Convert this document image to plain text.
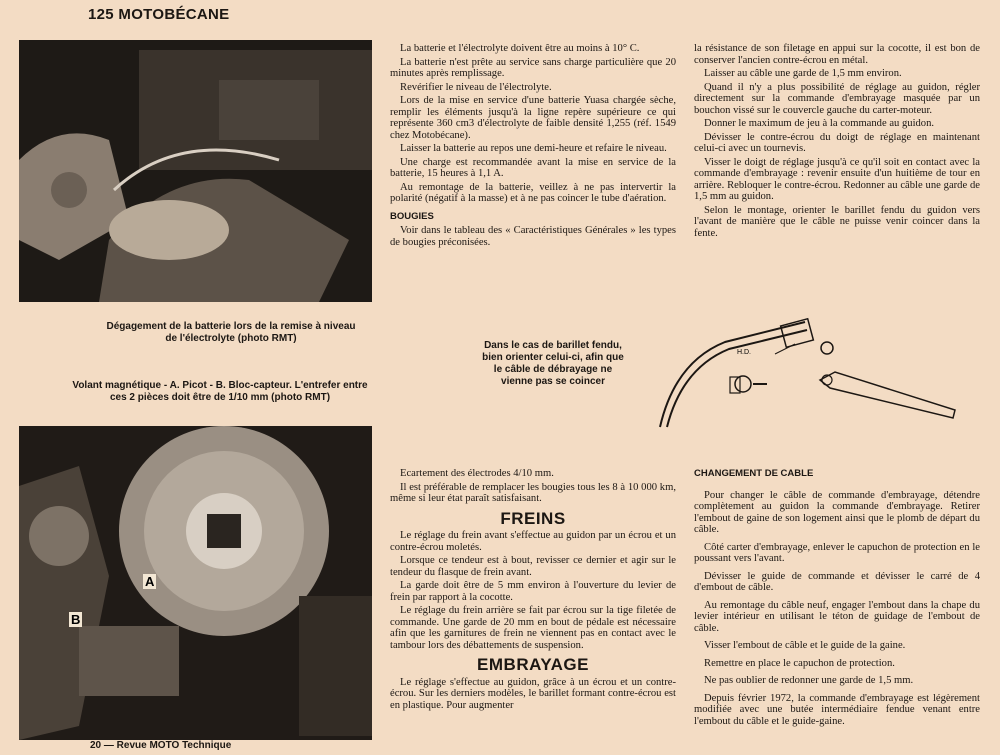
125 MOTOBÉCANE
Dégagement de la batterie lors de la remise à niveau de l'électrolyte (photo RMT)
Volant magnétique - A. Picot - B. Bloc-capteur. L'entrefer entre ces 2 pièces doit être de 1/10 mm (photo RMT)
A
B

La batterie et l'électrolyte doivent être au moins à 10° C.

La batterie n'est prête au service sans charge particulière que 20 minutes après remplissage.

Revérifier le niveau de l'électrolyte.

Lors de la mise en service d'une batterie Yuasa chargée sèche, remplir les éléments jusqu'à la ligne repère supérieure ce qui représente 360 cm3 d'électrolyte de faible densité 1,255 (réf. 1549 chez Motobécane).

Laisser la batterie au repos une demi-heure et refaire le niveau.

Une charge est recommandée avant la mise en service de la batterie, 15 heures à 1,1 A.

Au remontage de la batterie, veillez à ne pas intervertir la polarité (négatif à la masse) et à ne pas coincer le tube d'aération.

BOUGIES

Voir dans le tableau des « Caractéristiques Générales » les types de bougies préconisées.

la résistance de son filetage en appui sur la cocotte, il est bon de conserver l'ancien contre-écrou en métal.

Laisser au câble une garde de 1,5 mm environ.

Quand il n'y a plus possibilité de réglage au guidon, régler directement sur la commande d'embrayage masquée par un bouchon vissé sur le couvercle gauche du carter-moteur.

Donner le maximum de jeu à la commande au guidon.

Dévisser le contre-écrou du doigt de réglage en maintenant celui-ci avec un tournevis.

Visser le doigt de réglage jusqu'à ce qu'il soit en contact avec la commande d'embrayage : revenir ensuite d'un huitième de tour en arrière. Rebloquer le contre-écrou. Redonner au câble une garde de 1,5 mm au guidon.

Selon le montage, orienter le barillet fendu du guidon vers l'avant de manière que le câble ne puisse venir coincer dans la fente.

Dans le cas de barillet fendu, bien orienter celui-ci, afin que le câble de débrayage ne vienne pas se coincer
H.D.

Ecartement des électrodes 4/10 mm.

Il est préférable de remplacer les bougies tous les 8 à 10 000 km, même si leur état paraît satisfaisant.

FREINS

Le réglage du frein avant s'effectue au guidon par un écrou et un contre-écrou moletés.

Lorsque ce tendeur est à bout, revisser ce dernier et agir sur le tendeur du flasque de frein avant.

La garde doit être de 5 mm environ à l'ouverture du levier de frein par rapport à la cocotte.

Le réglage du frein arrière se fait par écrou sur la tige filetée de commande. Une garde de 20 mm en bout de pédale est nécessaire afin que les garnitures de frein ne viennent pas en contact avec le tambour lors des débattements de suspension.

EMBRAYAGE

Le réglage s'effectue au guidon, grâce à un écrou et un contre-écrou. Sur les derniers modèles, le barillet formant contre-écrou est en plastique. Pour augmenter

CHANGEMENT DE CABLE

Pour changer le câble de commande d'embrayage, détendre complètement au guidon la commande d'embrayage. Retirer l'embout de gaine de son logement ainsi que le plomb de départ du câble.

Côté carter d'embrayage, enlever le capuchon de protection en le poussant vers l'avant.

Dévisser le guide de commande et dévisser le carré de 4 d'embout de câble.

Au remontage du câble neuf, engager l'embout dans la chape du levier intérieur en utilisant le téton de guidage de l'embout de câble.

Visser l'embout de câble et le guide de la gaine.

Remettre en place le capuchon de protection.

Ne pas oublier de redonner une garde de 1,5 mm.

Depuis février 1972, la commande d'embrayage est légèrement modifiée avec une butée intermédiaire fendue venant entre l'embout du câble et le guide-gaine.

20 — Revue MOTO Technique
